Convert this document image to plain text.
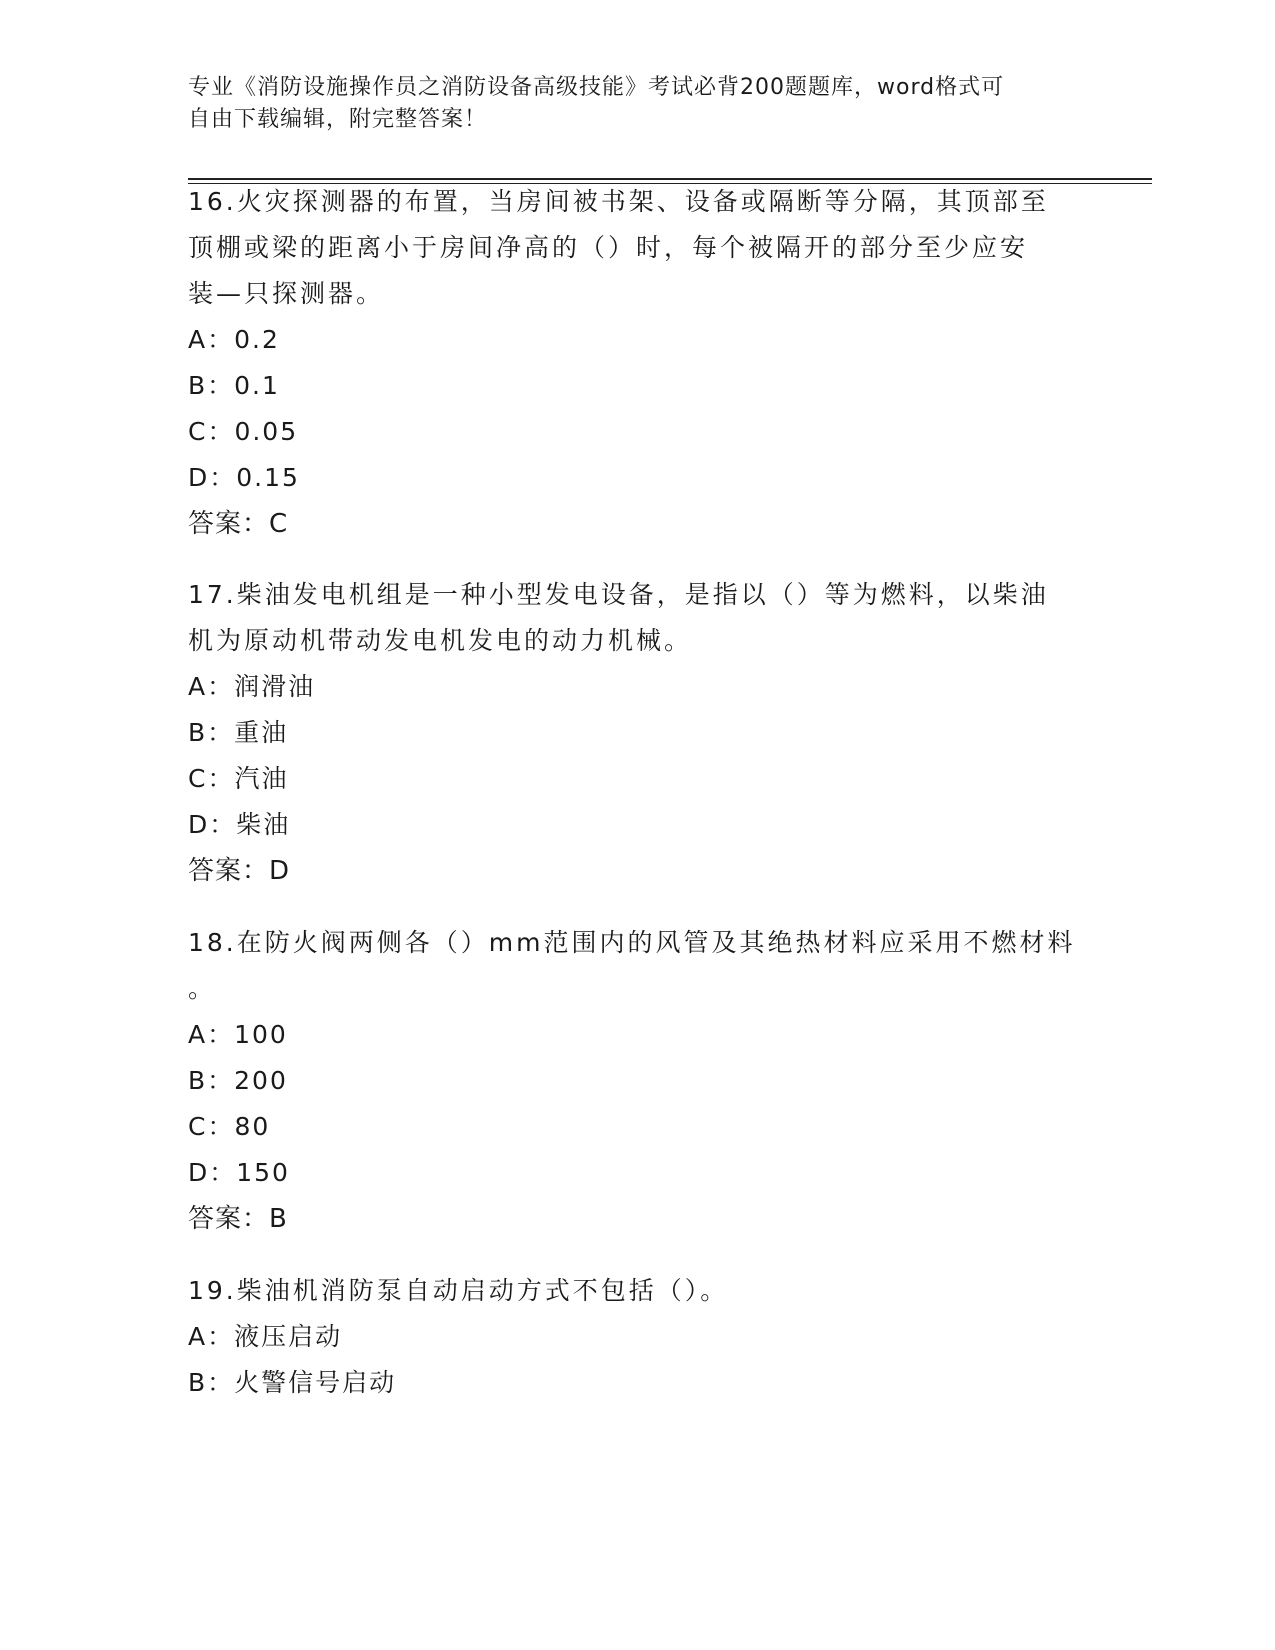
专业《消防设施操作员之消防设备高级技能》考试必背200题题库，word格式可
自由下载编辑，附完整答案！
16.火灾探测器的布置，当房间被书架、设备或隔断等分隔，其顶部至
顶棚或梁的距离小于房间净高的（）时，每个被隔开的部分至少应安
装—只探测器。
A：0.2
B：0.1
C：0.05
D：0.15
答案：C
17.柴油发电机组是一种小型发电设备，是指以（）等为燃料，以柴油
机为原动机带动发电机发电的动力机械。
A：润滑油
B：重油
C：汽油
D：柴油
答案：D
18.在防火阀两侧各（）mm范围内的风管及其绝热材料应采用不燃材料
。
A：100
B：200
C：80
D：150
答案：B
19.柴油机消防泵自动启动方式不包括（）。
A：液压启动
B：火警信号启动
